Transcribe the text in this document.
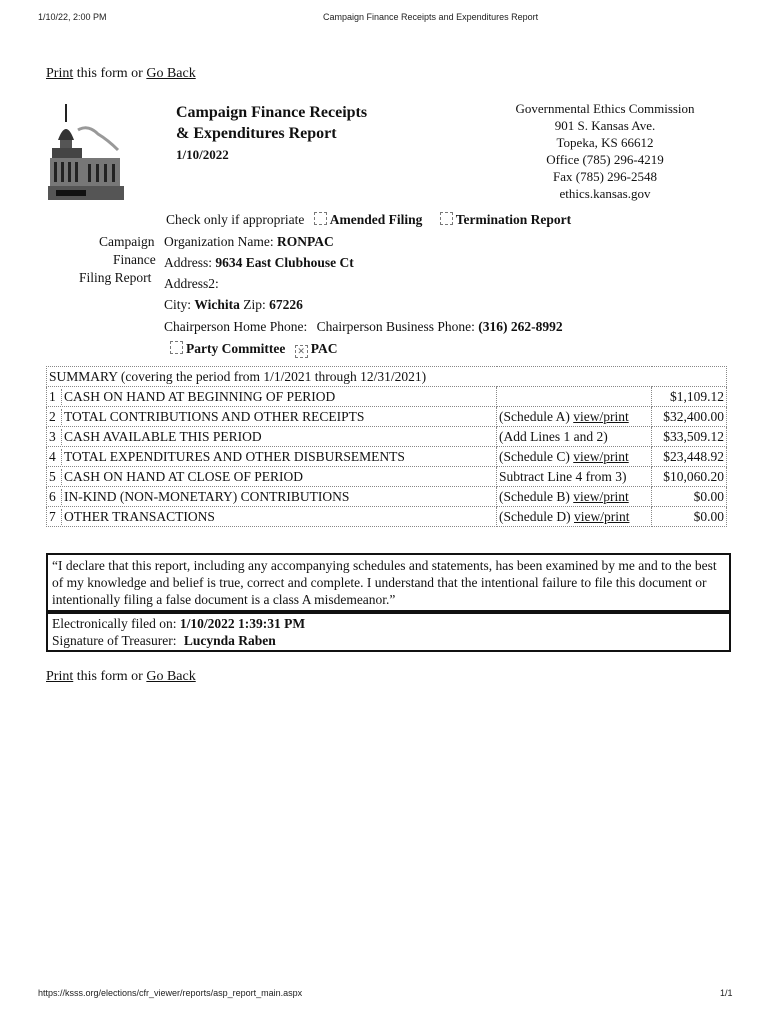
1/10/22, 2:00 PM	Campaign Finance Receipts and Expenditures Report
Print this form or Go Back
Campaign Finance Receipts
& Expenditures Report
1/10/2022
Governmental Ethics Commission
901 S. Kansas Ave.
Topeka, KS 66612
Office (785) 296-4219
Fax (785) 296-2548
ethics.kansas.gov
Check only if appropriate Amended Filing Termination Report
Campaign
Finance
Filing Report
Organization Name: RONPAC
Address: 9634 East Clubhouse Ct
Address2:
City: Wichita Zip: 67226
Chairperson Home Phone: Chairperson Business Phone: (316) 262-8992
Party Committee ✕ PAC
SUMMARY (covering the period from 1/1/2021 through 12/31/2021)		
1 CASH ON HAND AT BEGINNING OF PERIOD		$1,109.12
2 TOTAL CONTRIBUTIONS AND OTHER RECEIPTS	(Schedule A) view/print	$32,400.00
3 CASH AVAILABLE THIS PERIOD	(Add Lines 1 and 2)	$33,509.12
4 TOTAL EXPENDITURES AND OTHER DISBURSEMENTS	(Schedule C) view/print	$23,448.92
5 CASH ON HAND AT CLOSE OF PERIOD	Subtract Line 4 from 3)	$10,060.20
6 IN-KIND (NON-MONETARY) CONTRIBUTIONS	(Schedule B) view/print	$0.00
7 OTHER TRANSACTIONS	(Schedule D) view/print	$0.00
“I declare that this report, including any accompanying schedules and statements, has been examined by me and to the best of my knowledge and belief is true, correct and complete. I understand that the intentional failure to file this document or intentionally filing a false document is a class A misdemeanor.”
Electronically filed on: 1/10/2022 1:39:31 PM
Signature of Treasurer: Lucynda Raben
Print this form or Go Back
https://ksss.org/elections/cfr_viewer/reports/asp_report_main.aspx	1/1
